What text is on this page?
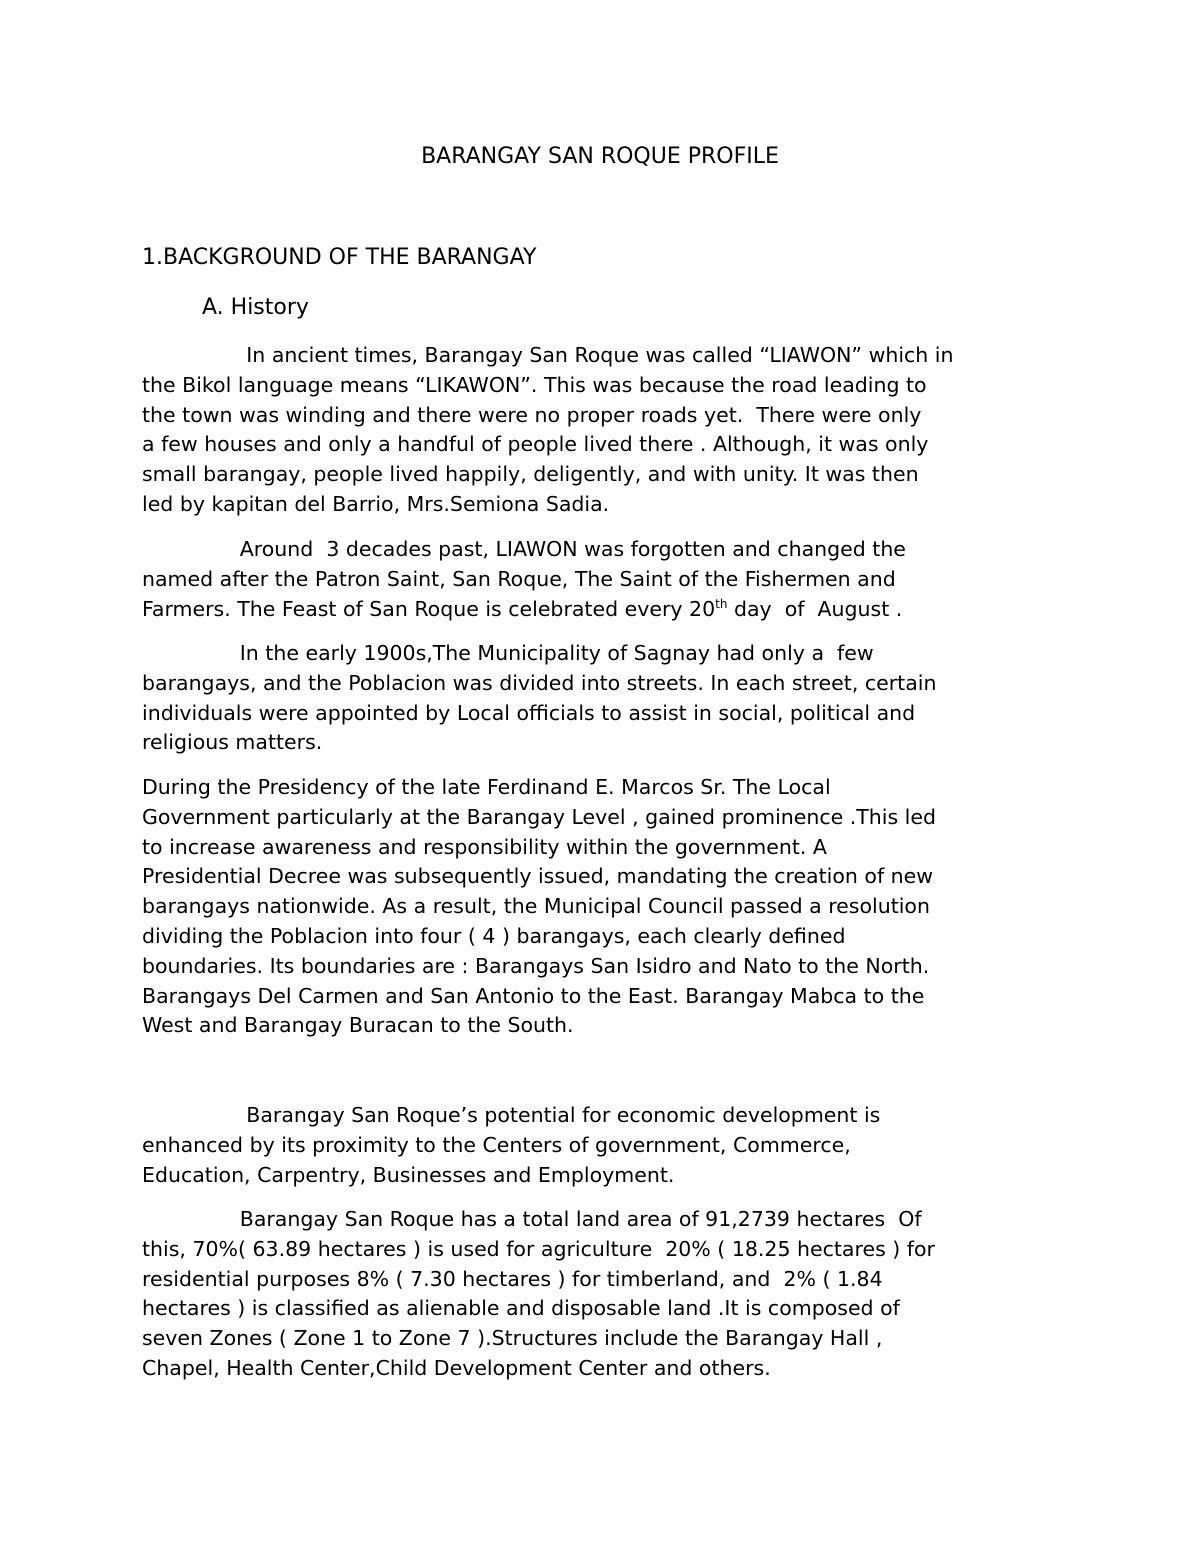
BARANGAY SAN ROQUE PROFILE
1.BACKGROUND OF THE BARANGAY
A. History

In ancient times, Barangay San Roque was called “LIAWON” which in
the Bikol language means “LIKAWON”. This was because the road leading to
the town was winding and there were no proper roads yet.  There were only
a few houses and only a handful of people lived there . Although, it was only
small barangay, people lived happily, deligently, and with unity. It was then
led by kapitan del Barrio, Mrs.Semiona Sadia.

Around  3 decades past, LIAWON was forgotten and changed the
named after the Patron Saint, San Roque, The Saint of the Fishermen and
Farmers. The Feast of San Roque is celebrated every 20th day  of  August .

In the early 1900s,The Municipality of Sagnay had only a  few
barangays, and the Poblacion was divided into streets. In each street, certain
individuals were appointed by Local officials to assist in social, political and
religious matters.

During the Presidency of the late Ferdinand E. Marcos Sr. The Local
Government particularly at the Barangay Level , gained prominence .This led
to increase awareness and responsibility within the government. A
Presidential Decree was subsequently issued, mandating the creation of new
barangays nationwide. As a result, the Municipal Council passed a resolution
dividing the Poblacion into four ( 4 ) barangays, each clearly defined
boundaries. Its boundaries are : Barangays San Isidro and Nato to the North.
Barangays Del Carmen and San Antonio to the East. Barangay Mabca to the
West and Barangay Buracan to the South.

Barangay San Roque’s potential for economic development is
enhanced by its proximity to the Centers of government, Commerce,
Education, Carpentry, Businesses and Employment.

Barangay San Roque has a total land area of 91,2739 hectares  Of
this, 70%( 63.89 hectares ) is used for agriculture  20% ( 18.25 hectares ) for
residential purposes 8% ( 7.30 hectares ) for timberland, and  2% ( 1.84
hectares ) is classified as alienable and disposable land .It is composed of
seven Zones ( Zone 1 to Zone 7 ).Structures include the Barangay Hall ,
Chapel, Health Center,Child Development Center and others.
